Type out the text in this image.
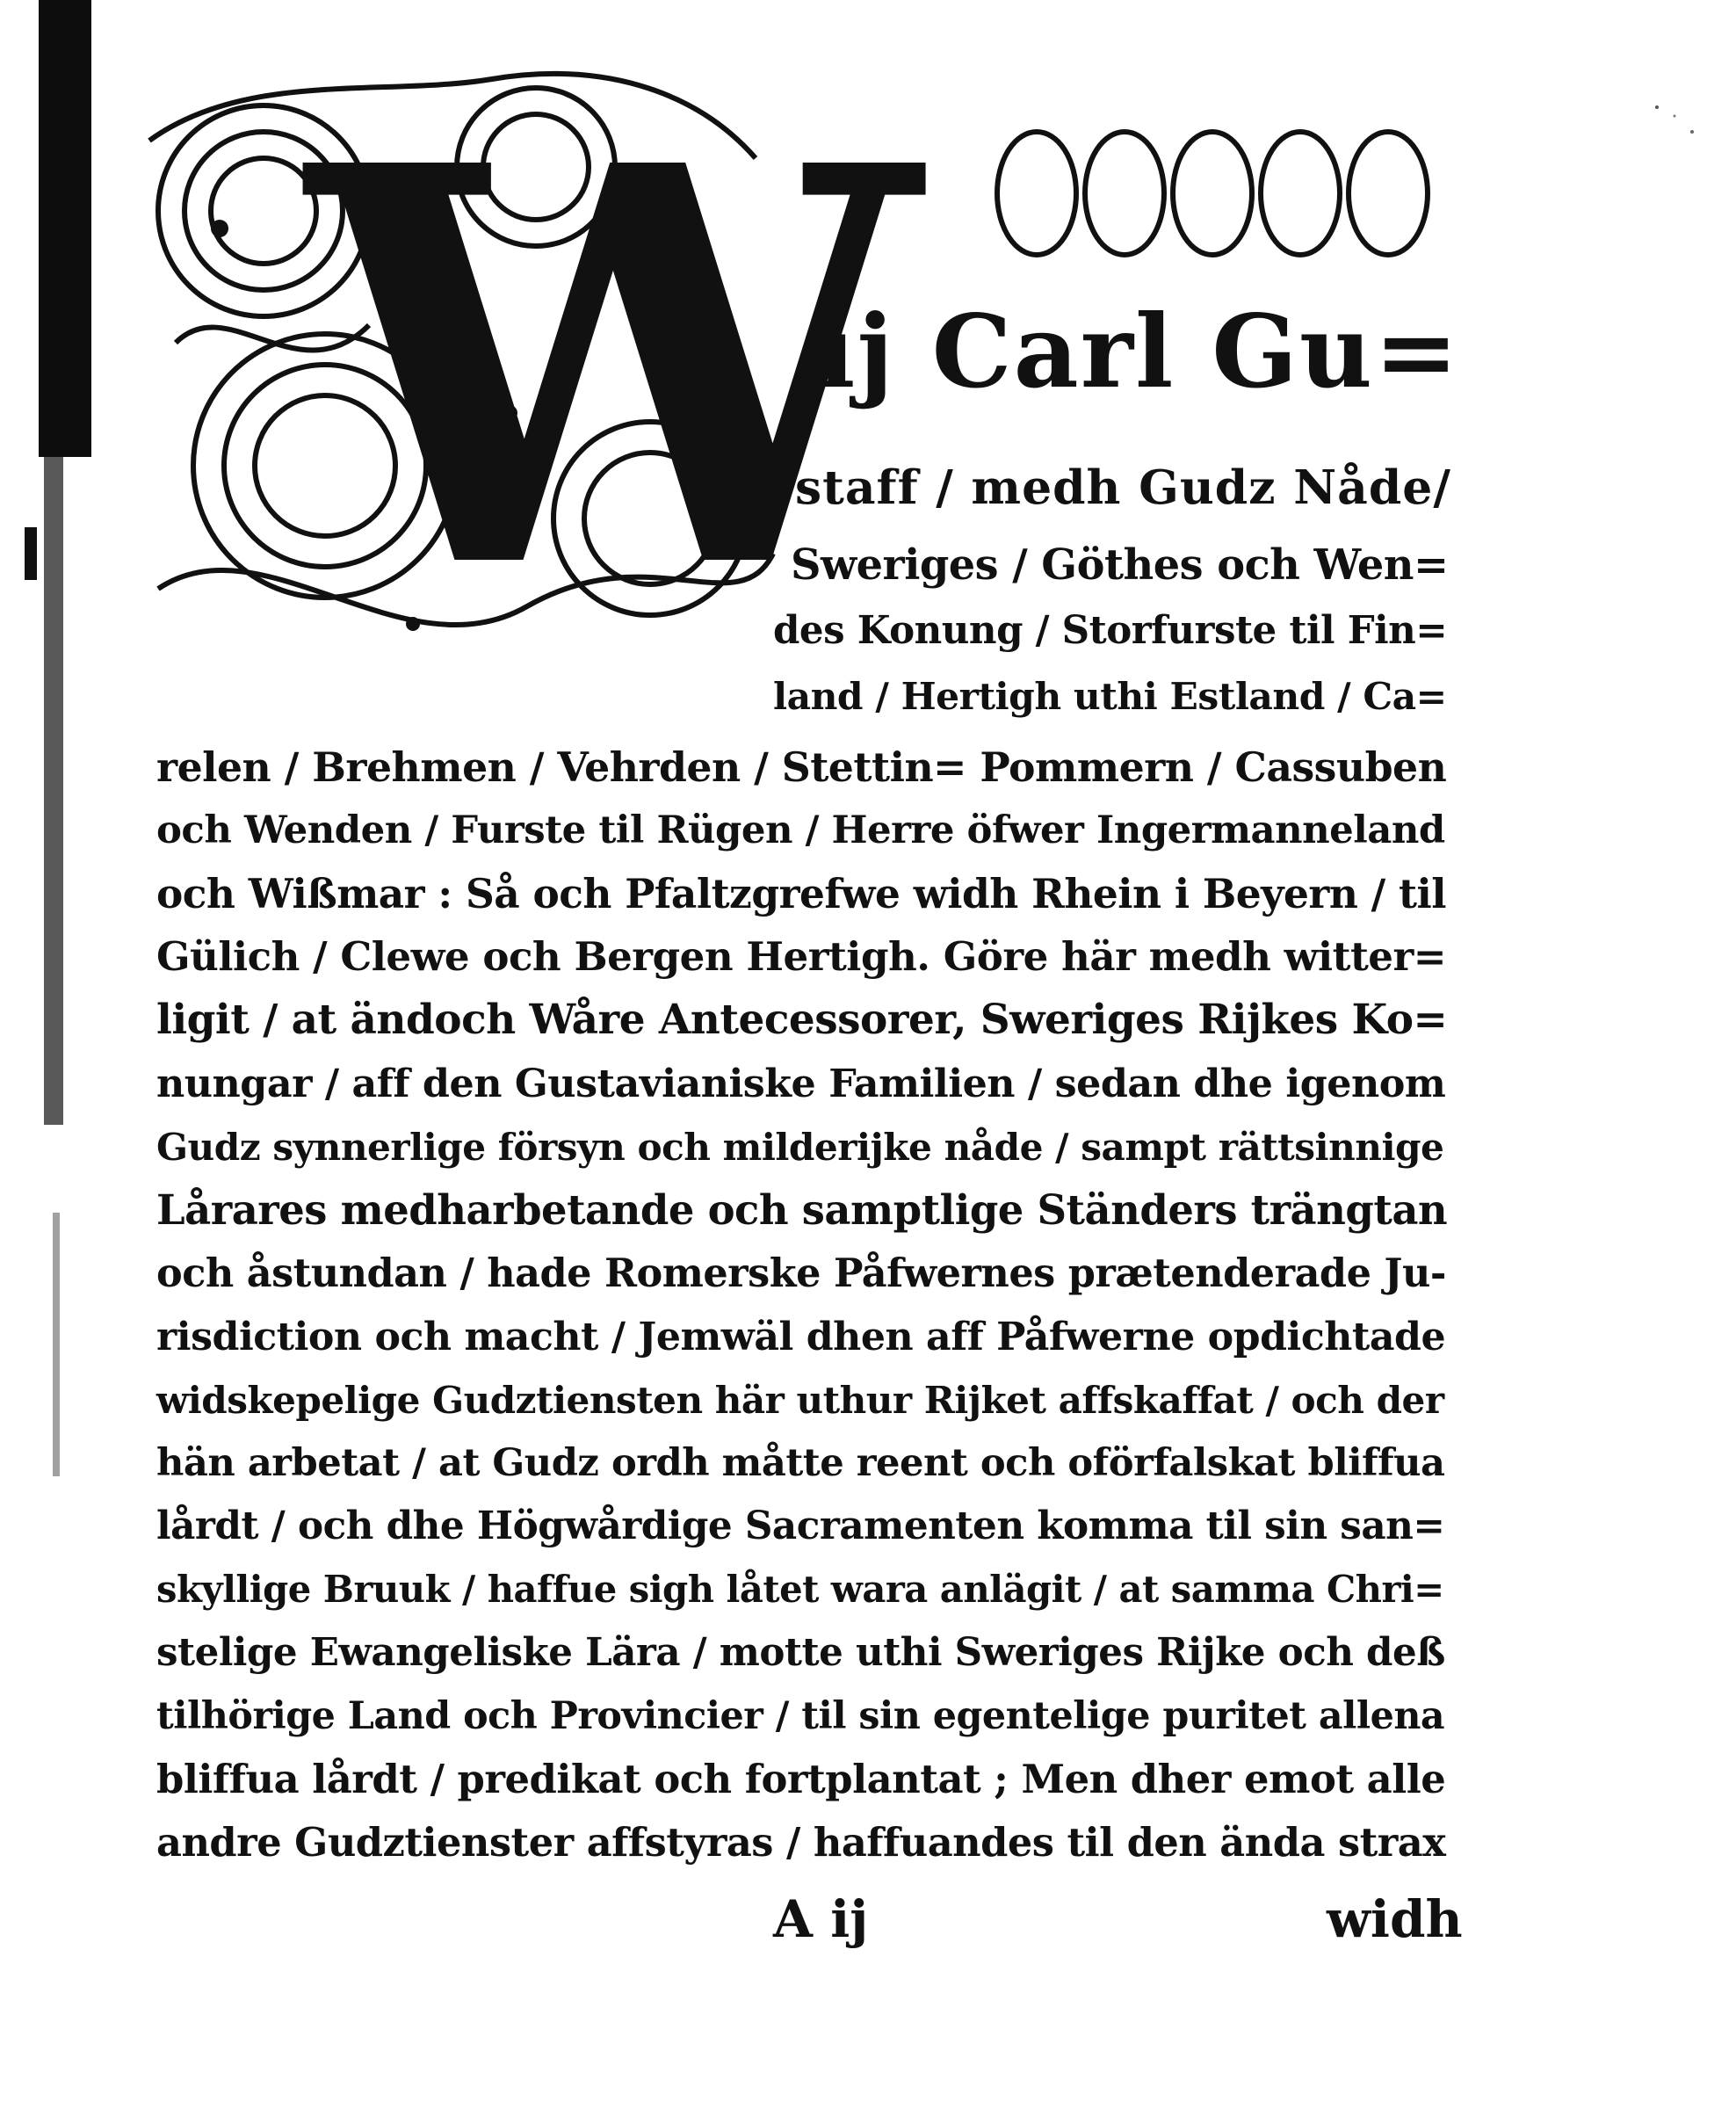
W
ij Carl Gu=
staff / medh Gudz Nåde/
Sweriges / Göthes och Wen=
des Konung / Storfurste til Fin=
land / Hertigh uthi Estland / Ca=
relen / Brehmen / Vehrden / Stettin= Pommern / Cassuben
och Wenden / Furste til Rügen / Herre öfwer Ingermanneland
och Wißmar : Så och Pfaltzgrefwe widh Rhein i Beyern / til
Gülich / Clewe och Bergen Hertigh. Göre här medh witter=
ligit / at ändoch Wåre Antecessorer, Sweriges Rijkes Ko=
nungar / aff den Gustavianiske Familien / sedan dhe igenom
Gudz synnerlige försyn och milderijke nåde / sampt rättsinnige
Lårares medharbetande och samptlige Ständers trängtan
och åstundan / hade Romerske Påfwernes prætenderade Ju-
risdiction och macht / Jemwäl dhen aff Påfwerne opdichtade
widskepelige Gudztiensten här uthur Rijket affskaffat / och der
hän arbetat / at Gudz ordh måtte reent och oförfalskat bliffua
lårdt / och dhe Högwårdige Sacramenten komma til sin san=
skyllige Bruuk / haffue sigh låtet wara anlägit / at samma Chri=
stelige Ewangeliske Lära / motte uthi Sweriges Rijke och deß
tilhörige Land och Provincier / til sin egentelige puritet allena
bliffua lårdt / predikat och fortplantat ; Men dher emot alle
andre Gudztienster affstyras / haffuandes til den ända strax
A ij	widh
